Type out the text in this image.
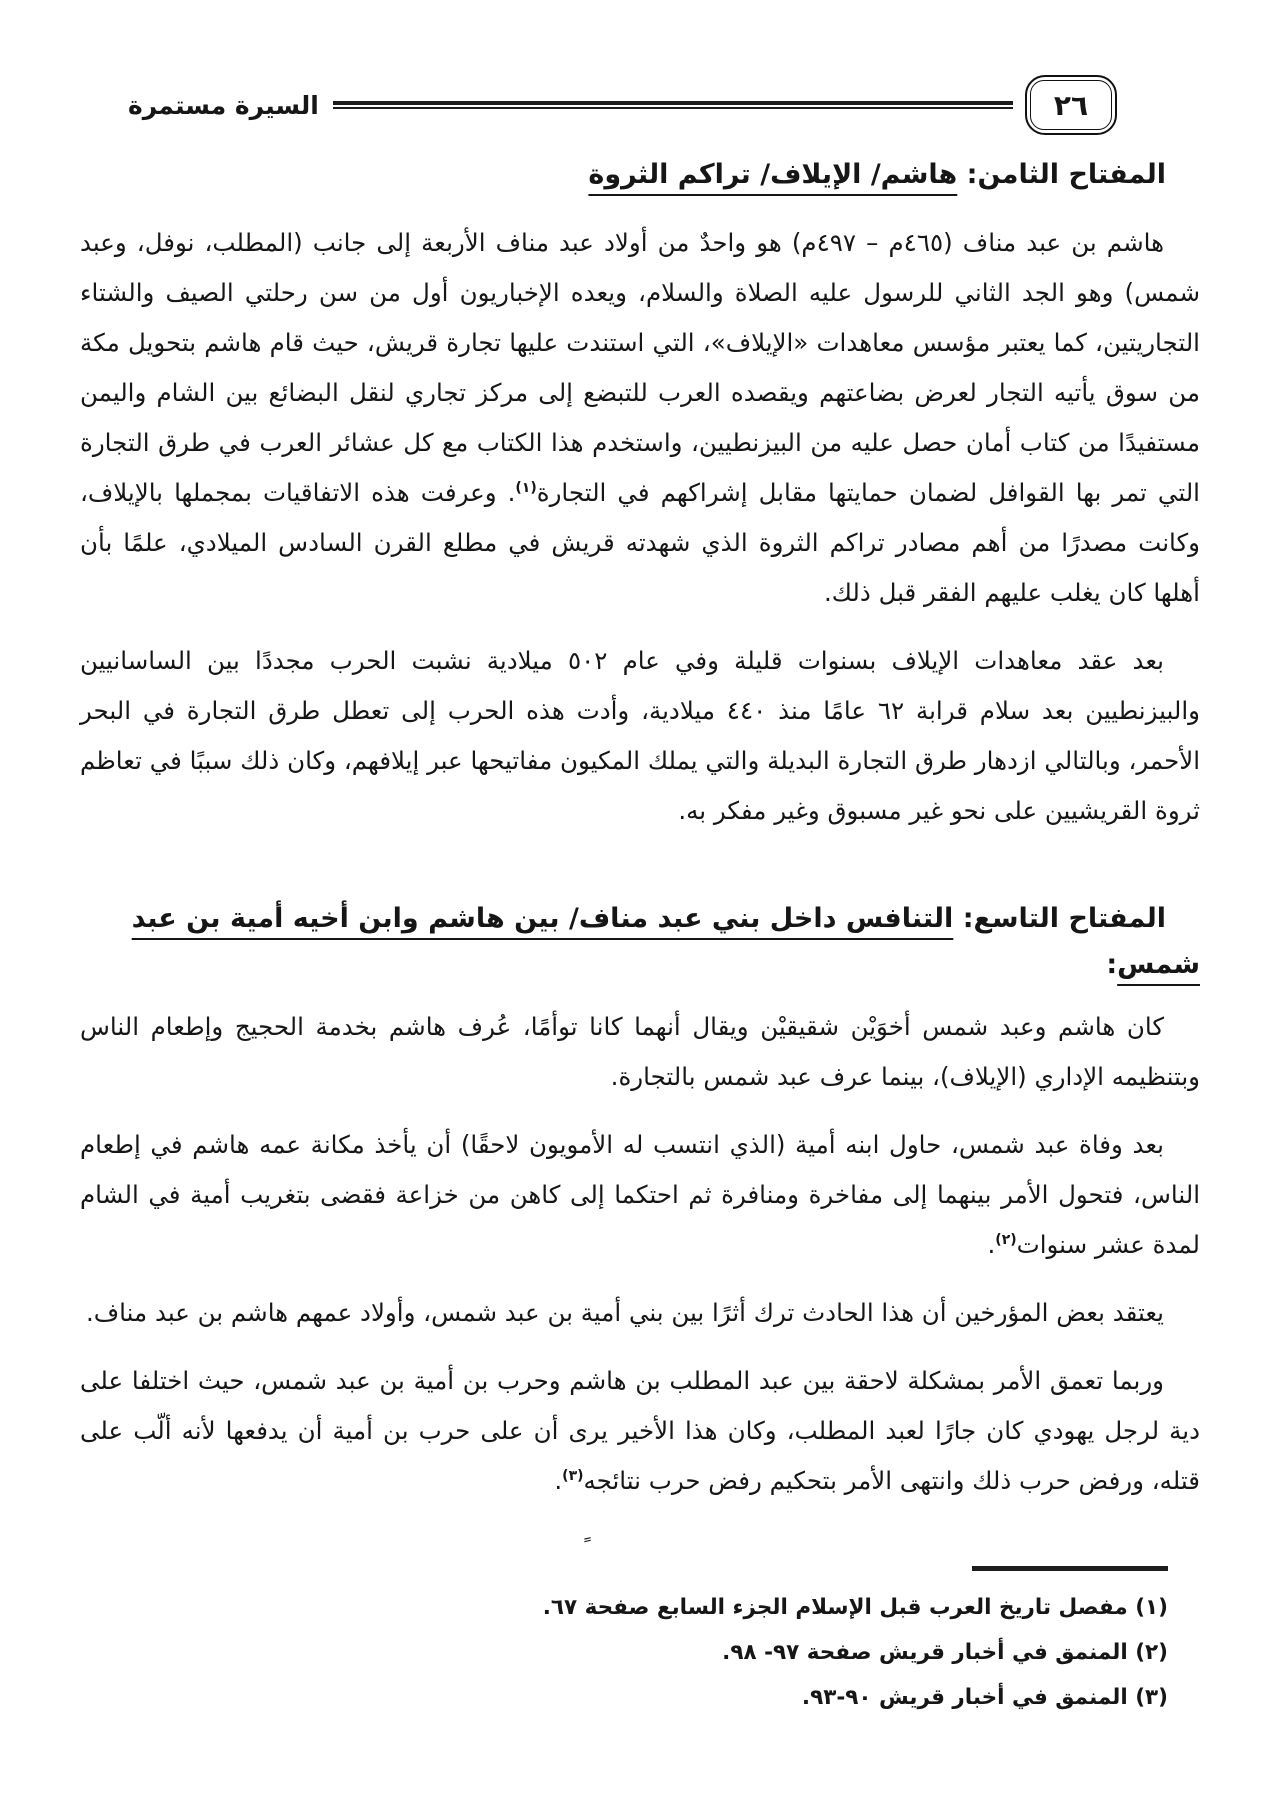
٢٦
السيرة مستمرة
المفتاح الثامن: هاشم/ الإيلاف/ تراكم الثروة

هاشم بن عبد مناف (٤٦٥م – ٤٩٧م) هو واحدٌ من أولاد عبد مناف الأربعة إلى جانب (المطلب، نوفل، وعبد شمس) وهو الجد الثاني للرسول عليه الصلاة والسلام، ويعده الإخباريون أول من سن رحلتي الصيف والشتاء التجاريتين، كما يعتبر مؤسس معاهدات «الإيلاف»، التي استندت عليها تجارة قريش، حيث قام هاشم بتحويل مكة من سوق يأتيه التجار لعرض بضاعتهم ويقصده العرب للتبضع إلى مركز تجاري لنقل البضائع بين الشام واليمن مستفيدًا من كتاب أمان حصل عليه من البيزنطيين، واستخدم هذا الكتاب مع كل عشائر العرب في طرق التجارة التي تمر بها القوافل لضمان حمايتها مقابل إشراكهم في التجارة$^{(١)}$. وعرفت هذه الاتفاقيات بمجملها بالإيلاف، وكانت مصدرًا من أهم مصادر تراكم الثروة الذي شهدته قريش في مطلع القرن السادس الميلادي، علمًا بأن أهلها كان يغلب عليهم الفقر قبل ذلك.

بعد عقد معاهدات الإيلاف بسنوات قليلة وفي عام ٥٠٢ ميلادية نشبت الحرب مجددًا بين الساسانيين والبيزنطيين بعد سلام قرابة ٦٢ عامًا منذ ٤٤٠ ميلادية، وأدت هذه الحرب إلى تعطل طرق التجارة في البحر الأحمر، وبالتالي ازدهار طرق التجارة البديلة والتي يملك المكيون مفاتيحها عبر إيلافهم، وكان ذلك سببًا في تعاظم ثروة القريشيين على نحو غير مسبوق وغير مفكر به.

المفتاح التاسع: التنافس داخل بني عبد مناف/ بين هاشم وابن أخيه أمية بن عبد شمس:

كان هاشم وعبد شمس أخوَيْن شقيقيْن ويقال أنهما كانا توأمًا، عُرف هاشم بخدمة الحجيج وإطعام الناس وبتنظيمه الإداري (الإيلاف)، بينما عرف عبد شمس بالتجارة.

بعد وفاة عبد شمس، حاول ابنه أمية (الذي انتسب له الأمويون لاحقًا) أن يأخذ مكانة عمه هاشم في إطعام الناس، فتحول الأمر بينهما إلى مفاخرة ومنافرة ثم احتكما إلى كاهن من خزاعة فقضى بتغريب أمية في الشام لمدة عشر سنوات$^{(٢)}$.

يعتقد بعض المؤرخين أن هذا الحادث ترك أثرًا بين بني أمية بن عبد شمس، وأولاد عمهم هاشم بن عبد مناف.

وربما تعمق الأمر بمشكلة لاحقة بين عبد المطلب بن هاشم وحرب بن أمية بن عبد شمس، حيث اختلفا على دية لرجل يهودي كان جارًا لعبد المطلب، وكان هذا الأخير يرى أن على حرب بن أمية أن يدفعها لأنه ألّب على قتله، ورفض حرب ذلك وانتهى الأمر بتحكيم رفض حرب نتائجه$^{(٣)}$.

ٍ
(١) مفصل تاريخ العرب قبل الإسلام الجزء السابع صفحة ٦٧.
(٢) المنمق في أخبار قريش صفحة ٩٧- ٩٨.
(٣) المنمق في أخبار قريش ٩٠-٩٣.
